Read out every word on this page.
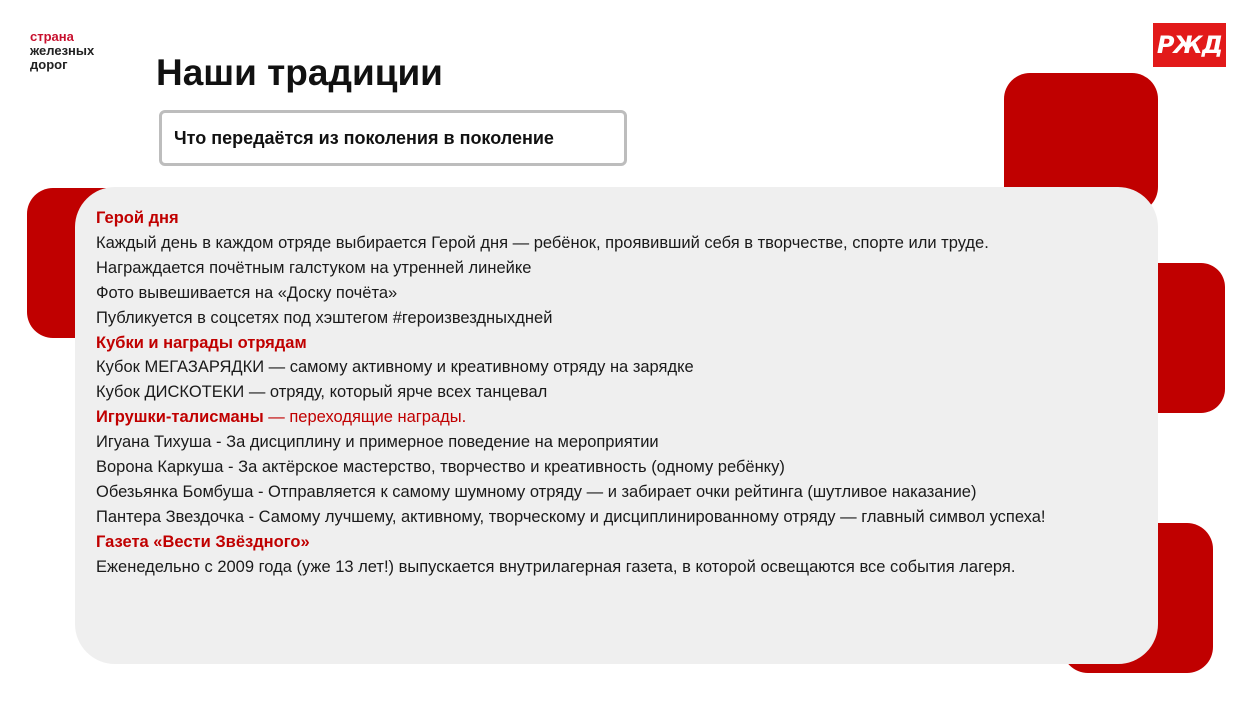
страна
железных
дорог
РЖД
Наши традиции
Что передаётся из поколения в поколение
Герой дня
Каждый день в каждом отряде выбирается Герой дня — ребёнок, проявивший себя в творчестве, спорте или труде.
Награждается почётным галстуком на утренней линейке
Фото вывешивается на «Доску почёта»
Публикуется в соцсетях под хэштегом #героизвездныхдней
Кубки и награды отрядам
Кубок МЕГАЗАРЯДКИ — самому активному и креативному отряду на зарядке
Кубок ДИСКОТЕКИ — отряду, который ярче всех танцевал
Игрушки-талисманы — переходящие награды.
Игуана Тихуша - За дисциплину и примерное поведение на мероприятии
Ворона Каркуша - За актёрское мастерство, творчество и креативность (одному ребёнку)
Обезьянка Бомбуша - Отправляется к самому шумному отряду — и забирает очки рейтинга (шутливое наказание)
Пантера Звездочка - Самому лучшему, активному, творческому и дисциплинированному отряду — главный символ успеха!
Газета «Вести Звёздного»
Еженедельно с 2009 года (уже 13 лет!) выпускается внутрилагерная газета, в которой освещаются все события лагеря.
